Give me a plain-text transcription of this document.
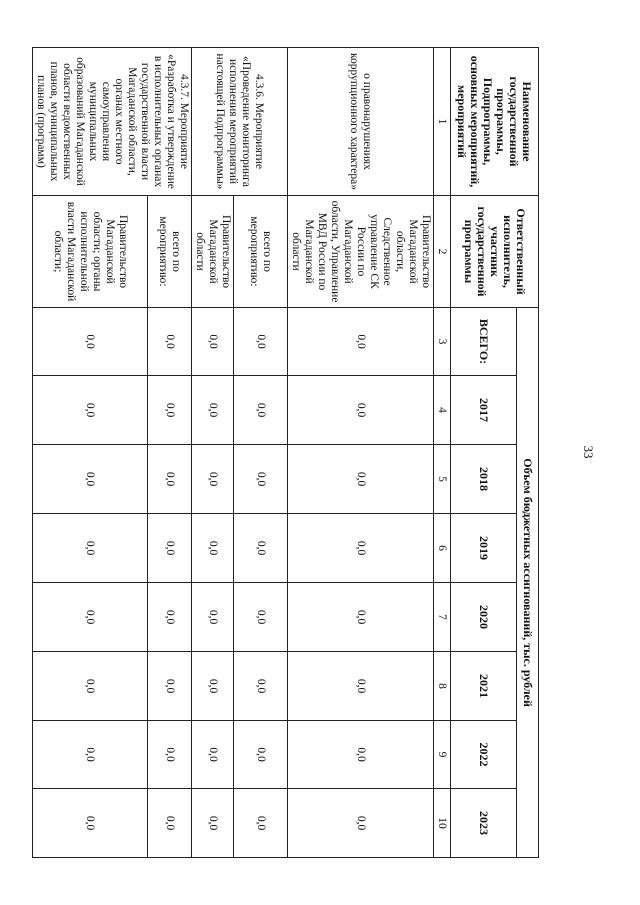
33
Наименование государственной программы, Подпрограммы, основных мероприятий, мероприятий	Ответственный исполнитель, участник государственной программы	Объем бюджетных ассигнований, тыс. рублей							
		ВСЕГО:	2017	2018	2019	2020	2021	2022	2023
1	2	3	4	5	6	7	8	9	10
о правонарушениях коррупционного характера»	Правительство Магаданской области, Следственное управление СК России по Магаданской области, Управление МВД России по Магаданской области	0,0	0,0	0,0	0,0	0,0	0,0	0,0	0,0
4.3.6. Мероприятие «Проведение мониторинга исполнения мероприятий настоящей Подпрограммы»	всего по мероприятию:	0,0	0,0	0,0	0,0	0,0	0,0	0,0	0,0
	Правительство Магаданской области	0,0	0,0	0,0	0,0	0,0	0,0	0,0	0,0
4.3.7. Мероприятие «Разработка и утверждение в исполнительных органах государственной власти Магаданской области, органах местного самоуправления муниципальных образований Магаданской области ведомственных планов, муниципальных планов (программ)	всего по мероприятию:	0,0	0,0	0,0	0,0	0,0	0,0	0,0	0,0
	Правительство Магаданской области; органы исполнительной власти Магаданской области;	0,0	0,0	0,0	0,0	0,0	0,0	0,0	0,0
